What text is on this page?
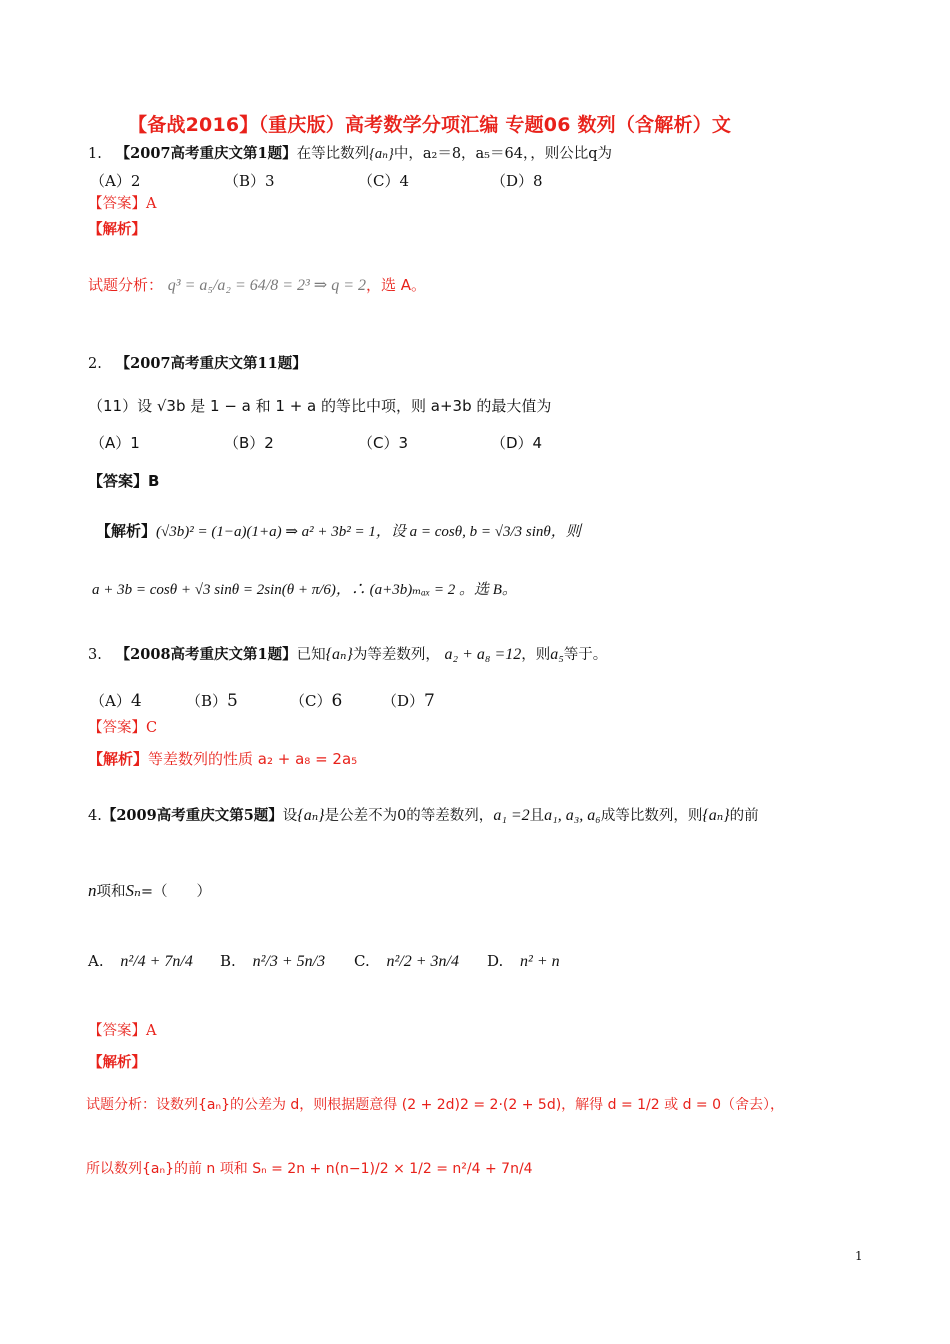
【备战2016】（重庆版）高考数学分项汇编 专题06 数列（含解析）文
1. 【2007高考重庆文第1题】在等比数列{aₙ}中，a₂＝8，a₅＝64，，则公比q为
（A）2	（B）3	（C）4	（D）8
【答案】A
【解析】
试题分析： q³ = a₅/a₂ = 64/8 = 2³ ⇒ q = 2，选 A。
2. 【2007高考重庆文第11题】
（11）设 √3b 是 1 − a 和 1 + a 的等比中项，则 a+3b 的最大值为
（A）1	（B）2	（C）3	（D）4
【答案】B
【解析】(√3b)² = (1−a)(1+a) ⇒ a² + 3b² = 1，设 a = cosθ, b = √3/3 sinθ，则
a + 3b = cosθ + √3 sinθ = 2sin(θ + π/6)，∴ (a+3b)ₘₐₓ = 2 。选 B。
3. 【2008高考重庆文第1题】已知{aₙ}为等差数列， a₂ + a₈ =12，则a₅等于。
（A）4	（B）5	（C）6	（D）7
【答案】C
【解析】等差数列的性质 a₂ + a₈ = 2a₅
4.【2009高考重庆文第5题】设{aₙ}是公差不为0的等差数列，a₁ =2且a₁, a₃, a₆成等比数列，则{aₙ}的前
n项和Sₙ=（　　）
A. n²/4 + 7n/4 B. n²/3 + 5n/3 C. n²/2 + 3n/4 D. n² + n
【答案】A
【解析】
试题分析：设数列{aₙ}的公差为 d，则根据题意得 (2 + 2d)2 = 2·(2 + 5d)，解得 d = 1/2 或 d = 0（舍去），
所以数列{aₙ}的前 n 项和 Sₙ = 2n + n(n−1)/2 × 1/2 = n²/4 + 7n/4
1
